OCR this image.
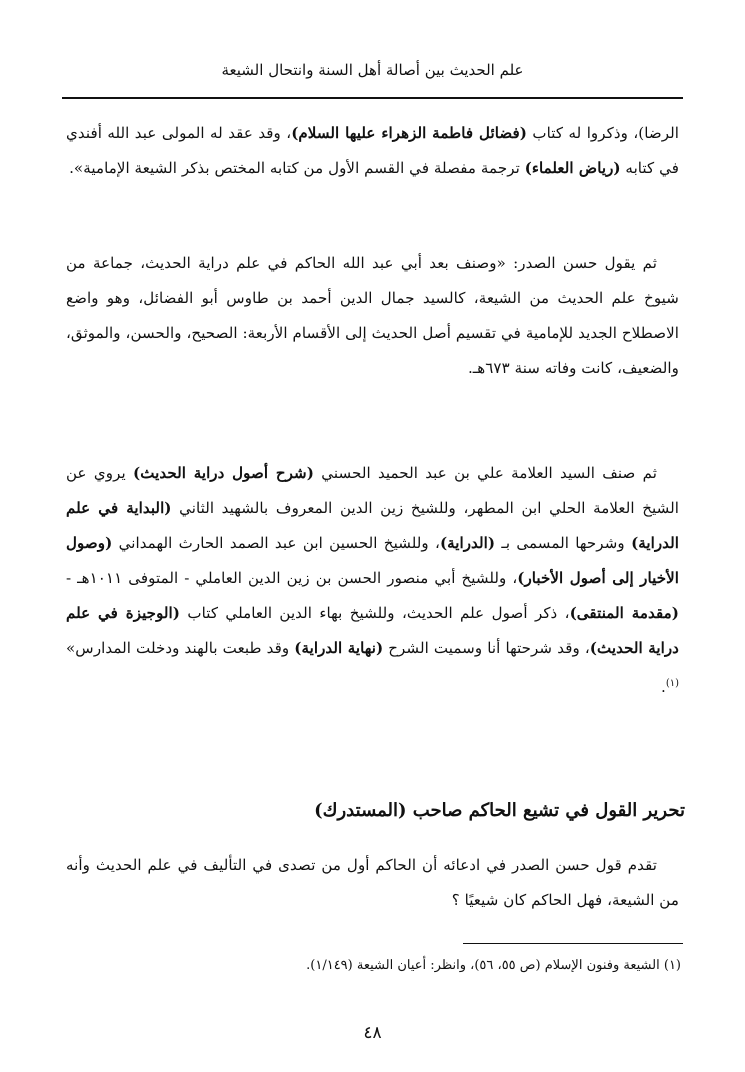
علم الحديث بين أصالة أهل السنة وانتحال الشيعة

الرضا)، وذكروا له كتاب (فضائل فاطمة الزهراء عليها السلام)، وقد عقد له المولى عبد الله أفندي في كتابه (رياض العلماء) ترجمة مفصلة في القسم الأول من كتابه المختص بذكر الشيعة الإمامية».

ثم يقول حسن الصدر: «وصنف بعد أبي عبد الله الحاكم في علم دراية الحديث، جماعة من شيوخ علم الحديث من الشيعة، كالسيد جمال الدين أحمد بن طاوس أبو الفضائل، وهو واضع الاصطلاح الجديد للإمامية في تقسيم أصل الحديث إلى الأقسام الأربعة: الصحيح، والحسن، والموثق، والضعيف، كانت وفاته سنة ٦٧٣هـ.

ثم صنف السيد العلامة علي بن عبد الحميد الحسني (شرح أصول دراية الحديث) يروي عن الشيخ العلامة الحلي ابن المطهر، وللشيخ زين الدين المعروف بالشهيد الثاني (البداية في علم الدراية) وشرحها المسمى بـ (الدراية)، وللشيخ الحسين ابن عبد الصمد الحارث الهمداني (وصول الأخيار إلى أصول الأخبار)، وللشيخ أبي منصور الحسن بن زين الدين العاملي - المتوفى ١٠١١هـ - (مقدمة المنتقى)، ذكر أصول علم الحديث، وللشيخ بهاء الدين العاملي كتاب (الوجيزة في علم دراية الحديث)، وقد شرحتها أنا وسميت الشرح (نهاية الدراية) وقد طبعت بالهند ودخلت المدارس» $^{(١)}$.

تحرير القول في تشيع الحاكم صاحب (المستدرك)

تقدم قول حسن الصدر في ادعائه أن الحاكم أول من تصدى في التأليف في علم الحديث وأنه من الشيعة، فهل الحاكم كان شيعيًا ؟

(١) الشيعة وفنون الإسلام (ص ٥٥، ٥٦)، وانظر: أعيان الشيعة (١/١٤٩).

٤٨
